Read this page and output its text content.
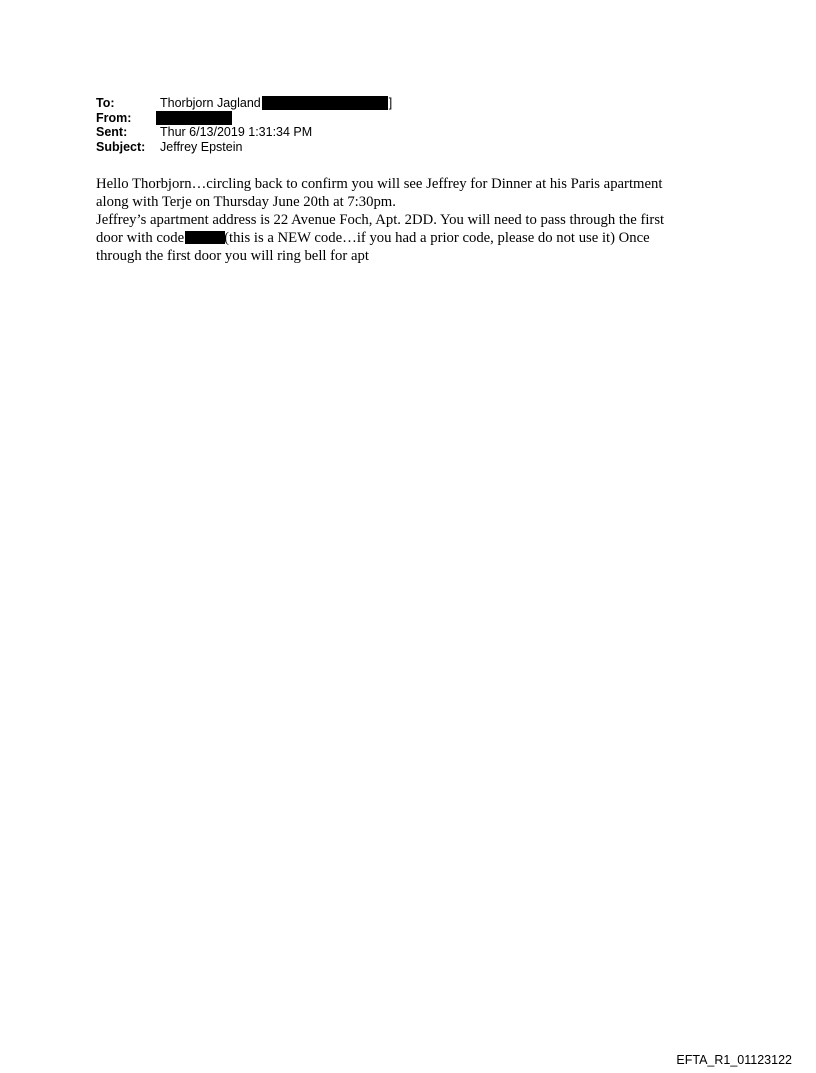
To:	Thorbjorn Jagland	]
From:
Sent:	Thur 6/13/2019 1:31:34 PM
Subject:	Jeffrey Epstein

Hello Thorbjorn…circling back to confirm you will see Jeffrey for Dinner at his Paris apartment

along with Terje on Thursday June 20th at 7:30pm.

Jeffrey’s apartment address is 22 Avenue Foch, Apt. 2DD. You will need to pass through the first

door with code	(this is a NEW code…if you had a prior code, please do not use it) Once

through the first door you will ring bell for apt

EFTA_R1_01123122
